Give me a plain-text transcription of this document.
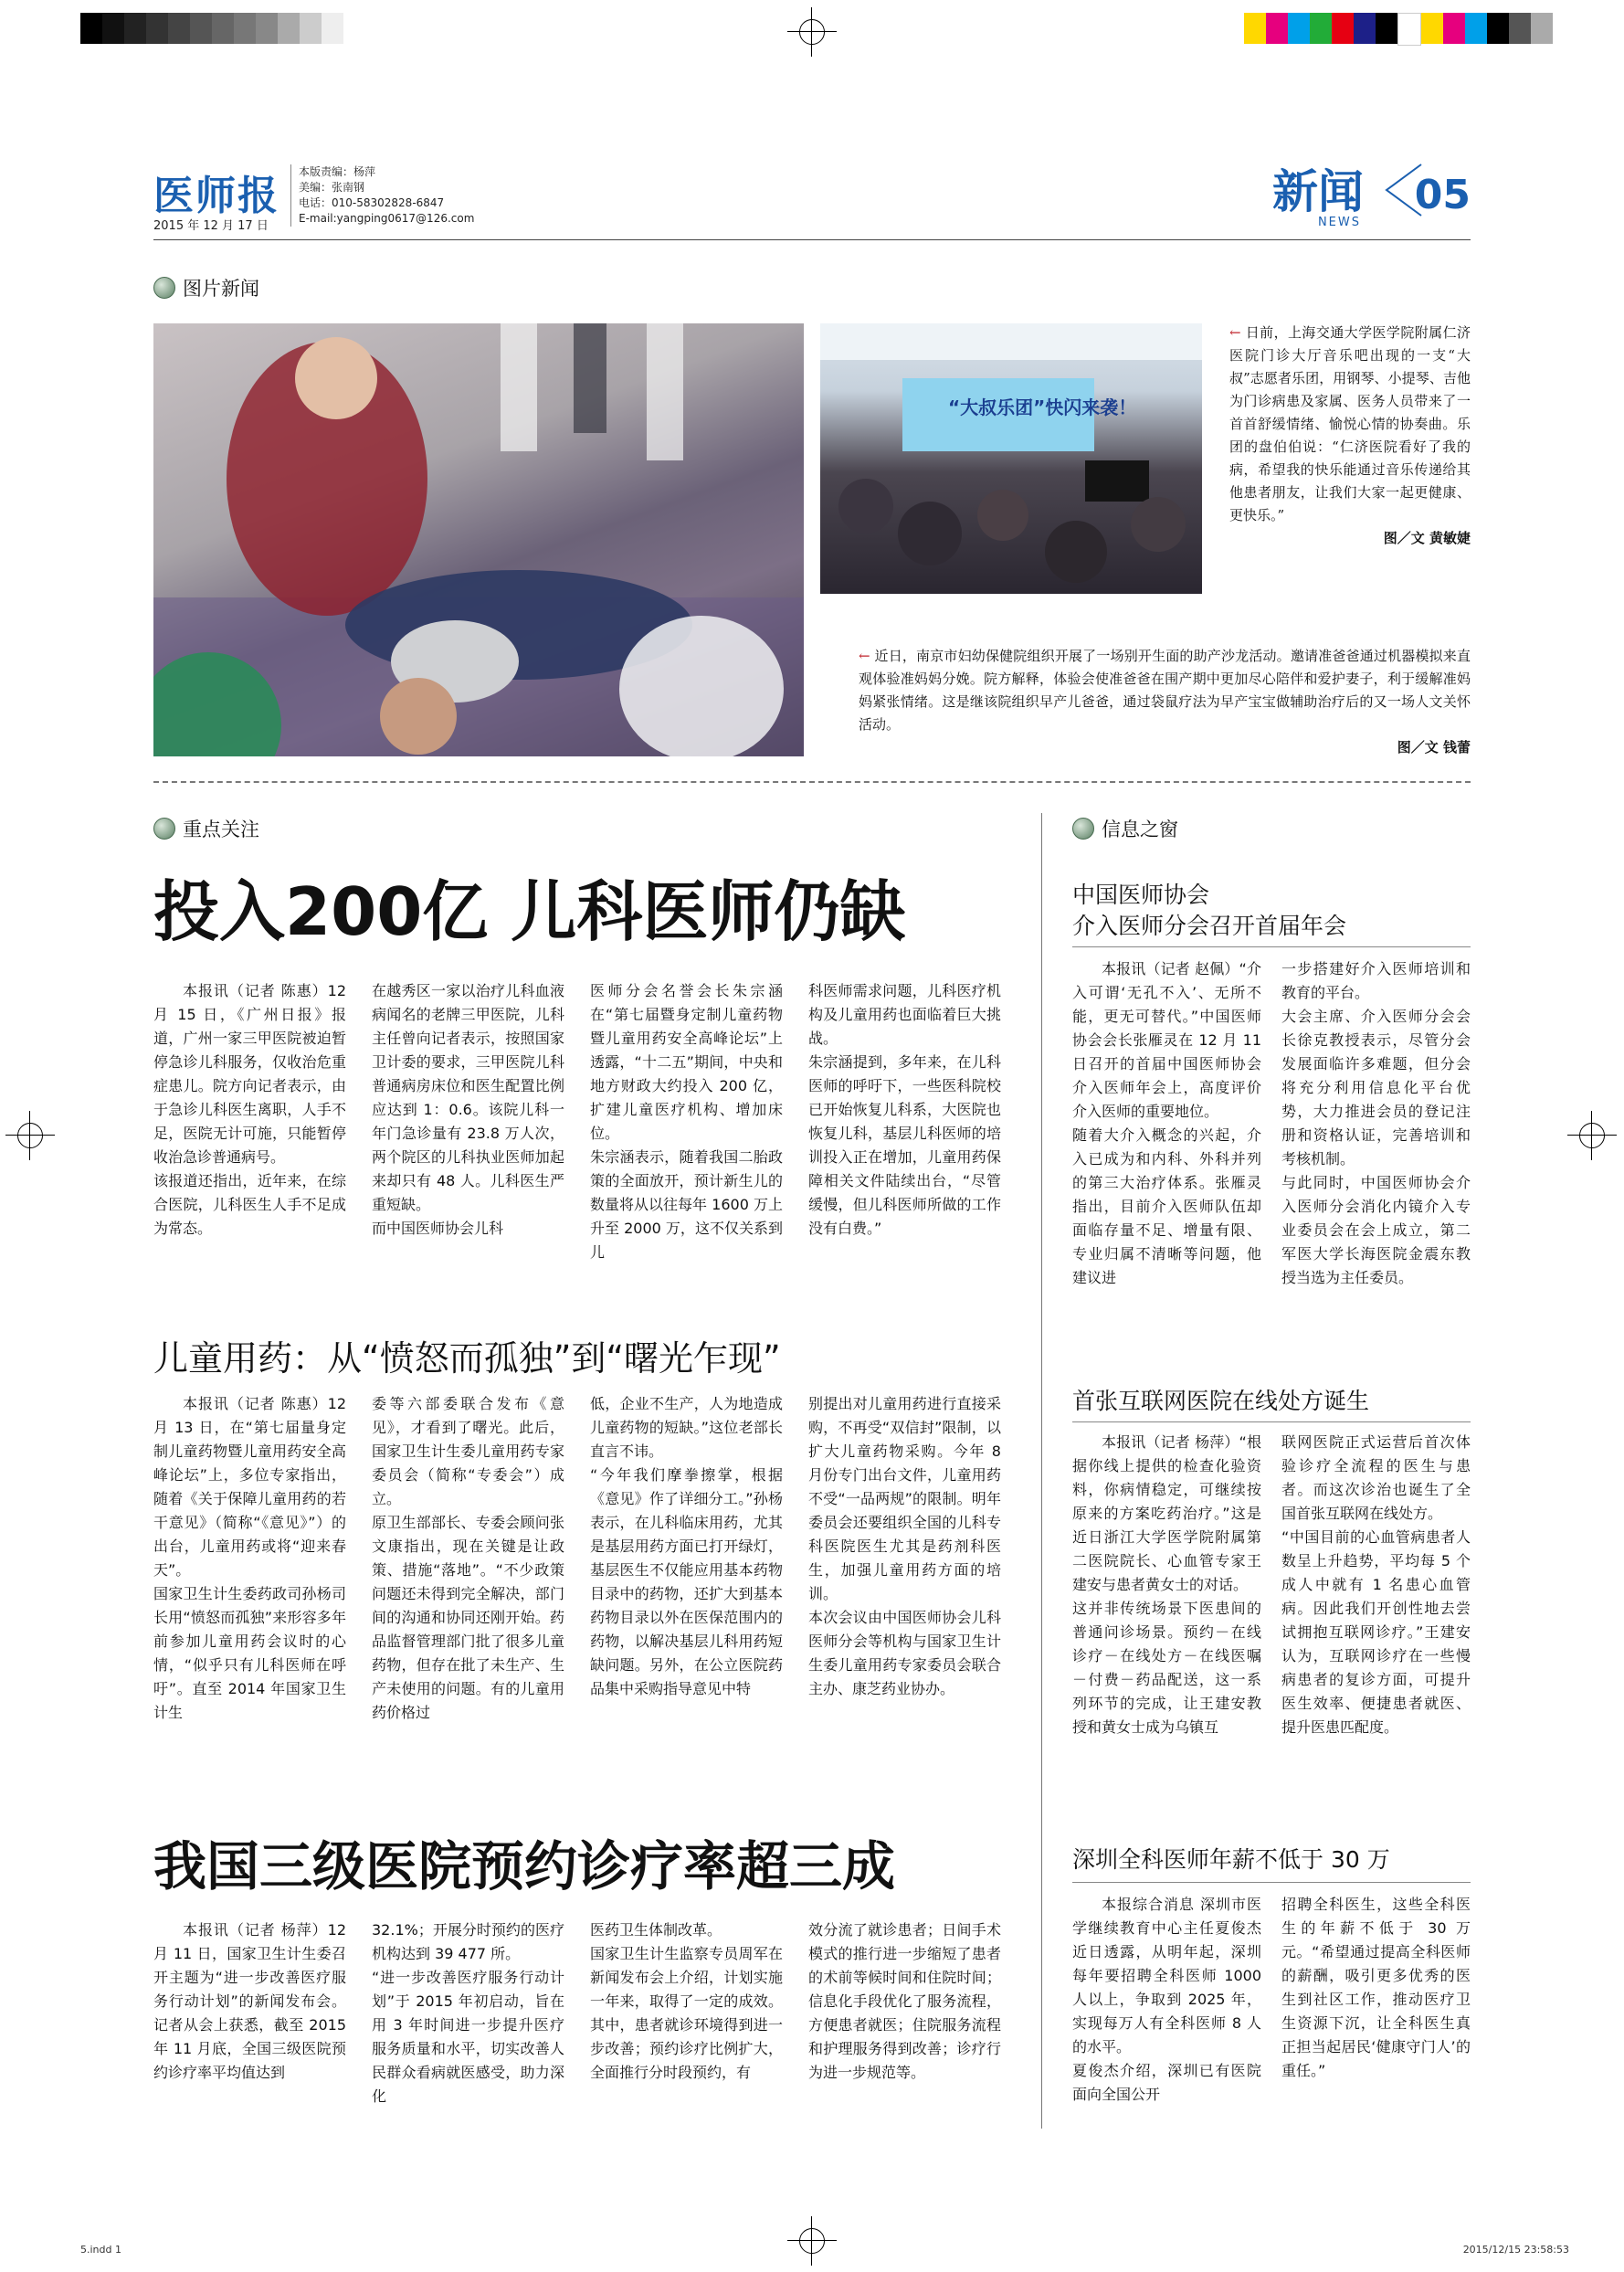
医师报
2015 年 12 月 17 日
本版责编：杨萍
美编：张南钢
电话：010-58302828-6847
E-mail:yangping0617@126.com	新闻
NEWS
05
图片新闻
“大叔乐团”快闪来袭！
← 日前，上海交通大学医学院附属仁济医院门诊大厅音乐吧出现的一支“大叔”志愿者乐团，用钢琴、小提琴、吉他为门诊病患及家属、医务人员带来了一首首舒缓情绪、愉悦心情的协奏曲。乐团的盘伯伯说：“仁济医院看好了我的病，希望我的快乐能通过音乐传递给其他患者朋友，让我们大家一起更健康、更快乐。”
图／文 黄敏婕
← 近日，南京市妇幼保健院组织开展了一场别开生面的助产沙龙活动。邀请准爸爸通过机器模拟来直观体验准妈妈分娩。院方解释，体验会使准爸爸在围产期中更加尽心陪伴和爱护妻子，利于缓解准妈妈紧张情绪。这是继该院组织早产儿爸爸，通过袋鼠疗法为早产宝宝做辅助治疗后的又一场人文关怀活动。
图／文 钱蕾
重点关注
投入200亿 儿科医师仍缺

本报讯（记者 陈惠）12 月 15 日，《广州日报》报道，广州一家三甲医院被迫暂停急诊儿科服务，仅收治危重症患儿。院方向记者表示，由于急诊儿科医生离职，人手不足，医院无计可施，只能暂停收治急诊普通病号。
该报道还指出，近年来，在综合医院，儿科医生人手不足成为常态。

在越秀区一家以治疗儿科血液病闻名的老牌三甲医院，儿科主任曾向记者表示，按照国家卫计委的要求，三甲医院儿科普通病房床位和医生配置比例应达到 1：0.6。该院儿科一年门急诊量有 23.8 万人次，两个院区的儿科执业医师加起来却只有 48 人。儿科医生严重短缺。
而中国医师协会儿科

医师分会名誉会长朱宗涵在“第七届暨身定制儿童药物暨儿童用药安全高峰论坛”上透露，“十二五”期间，中央和地方财政大约投入 200 亿，扩建儿童医疗机构、增加床位。
朱宗涵表示，随着我国二胎政策的全面放开，预计新生儿的数量将从以往每年 1600 万上升至 2000 万，这不仅关系到儿

科医师需求问题，儿科医疗机构及儿童用药也面临着巨大挑战。
朱宗涵提到，多年来，在儿科医师的呼吁下，一些医科院校已开始恢复儿科系，大医院也恢复儿科，基层儿科医师的培训投入正在增加，儿童用药保障相关文件陆续出台，“尽管缓慢，但儿科医师所做的工作没有白费。”

儿童用药：从“愤怒而孤独”到“曙光乍现”

本报讯（记者 陈惠）12 月 13 日，在“第七届量身定制儿童药物暨儿童用药安全高峰论坛”上，多位专家指出，随着《关于保障儿童用药的若干意见》（简称“《意见》”）的出台，儿童用药或将“迎来春天”。
国家卫生计生委药政司孙杨司长用“愤怒而孤独”来形容多年前参加儿童用药会议时的心情，“似乎只有儿科医师在呼吁”。直至 2014 年国家卫生计生

委等六部委联合发布《意见》，才看到了曙光。此后，国家卫生计生委儿童用药专家委员会（简称“专委会”）成立。
原卫生部部长、专委会顾问张文康指出，现在关键是让政策、措施“落地”。“不少政策问题还未得到完全解决，部门间的沟通和协同还刚开始。药品监督管理部门批了很多儿童药物，但存在批了未生产、生产未使用的问题。有的儿童用药价格过

低，企业不生产，人为地造成儿童药物的短缺。”这位老部长直言不讳。
“今年我们摩拳擦掌，根据《意见》作了详细分工。”孙杨表示，在儿科临床用药，尤其是基层用药方面已打开绿灯，基层医生不仅能应用基本药物目录中的药物，还扩大到基本药物目录以外在医保范围内的药物，以解决基层儿科用药短缺问题。另外，在公立医院药品集中采购指导意见中特

别提出对儿童用药进行直接采购，不再受“双信封”限制，以扩大儿童药物采购。今年 8 月份专门出台文件，儿童用药不受“一品两规”的限制。明年委员会还要组织全国的儿科专科医院医生尤其是药剂科医生，加强儿童用药方面的培训。
本次会议由中国医师协会儿科医师分会等机构与国家卫生计生委儿童用药专家委员会联合主办、康芝药业协办。

我国三级医院预约诊疗率超三成

本报讯（记者 杨萍）12 月 11 日，国家卫生计生委召开主题为“进一步改善医疗服务行动计划”的新闻发布会。记者从会上获悉，截至 2015 年 11 月底，全国三级医院预约诊疗率平均值达到

32.1%；开展分时预约的医疗机构达到 39 477 所。
“进一步改善医疗服务行动计划”于 2015 年初启动，旨在用 3 年时间进一步提升医疗服务质量和水平，切实改善人民群众看病就医感受，助力深化

医药卫生体制改革。
国家卫生计生监察专员周军在新闻发布会上介绍，计划实施一年来，取得了一定的成效。其中，患者就诊环境得到进一步改善；预约诊疗比例扩大，全面推行分时段预约，有

效分流了就诊患者；日间手术模式的推行进一步缩短了患者的术前等候时间和住院时间；信息化手段优化了服务流程，方便患者就医；住院服务流程和护理服务得到改善；诊疗行为进一步规范等。

信息之窗
中国医师协会
介入医师分会召开首届年会

本报讯（记者 赵佩）“介入可谓‘无孔不入’、无所不能，更无可替代。”中国医师协会会长张雁灵在 12 月 11 日召开的首届中国医师协会介入医师年会上，高度评价介入医师的重要地位。
随着大介入概念的兴起，介入已成为和内科、外科并列的第三大治疗体系。张雁灵指出，目前介入医师队伍却面临存量不足、增量有限、专业归属不清晰等问题，他建议进

一步搭建好介入医师培训和教育的平台。
大会主席、介入医师分会会长徐克教授表示，尽管分会发展面临许多难题，但分会将充分利用信息化平台优势，大力推进会员的登记注册和资格认证，完善培训和考核机制。
与此同时，中国医师协会介入医师分会消化内镜介入专业委员会在会上成立，第二军医大学长海医院金震东教授当选为主任委员。

首张互联网医院在线处方诞生

本报讯（记者 杨萍）“根据你线上提供的检查化验资料，你病情稳定，可继续按原来的方案吃药治疗。”这是近日浙江大学医学院附属第二医院院长、心血管专家王建安与患者黄女士的对话。
这并非传统场景下医患间的普通问诊场景。预约－在线诊疗－在线处方－在线医嘱－付费－药品配送，这一系列环节的完成，让王建安教授和黄女士成为乌镇互

联网医院正式运营后首次体验诊疗全流程的医生与患者。而这次诊治也诞生了全国首张互联网在线处方。
“中国目前的心血管病患者人数呈上升趋势，平均每 5 个成人中就有 1 名患心血管病。因此我们开创性地去尝试拥抱互联网诊疗。”王建安认为，互联网诊疗在一些慢病患者的复诊方面，可提升医生效率、便捷患者就医、提升医患匹配度。

深圳全科医师年薪不低于 30 万

本报综合消息 深圳市医学继续教育中心主任夏俊杰近日透露，从明年起，深圳每年要招聘全科医师 1000 人以上，争取到 2025 年，实现每万人有全科医师 8 人的水平。
夏俊杰介绍，深圳已有医院面向全国公开

招聘全科医生，这些全科医生的年薪不低于 30 万元。“希望通过提高全科医师的薪酬，吸引更多优秀的医生到社区工作，推动医疗卫生资源下沉，让全科医生真正担当起居民‘健康守门人’的重任。”

5.indd 1	2015/12/15 23:58:53
